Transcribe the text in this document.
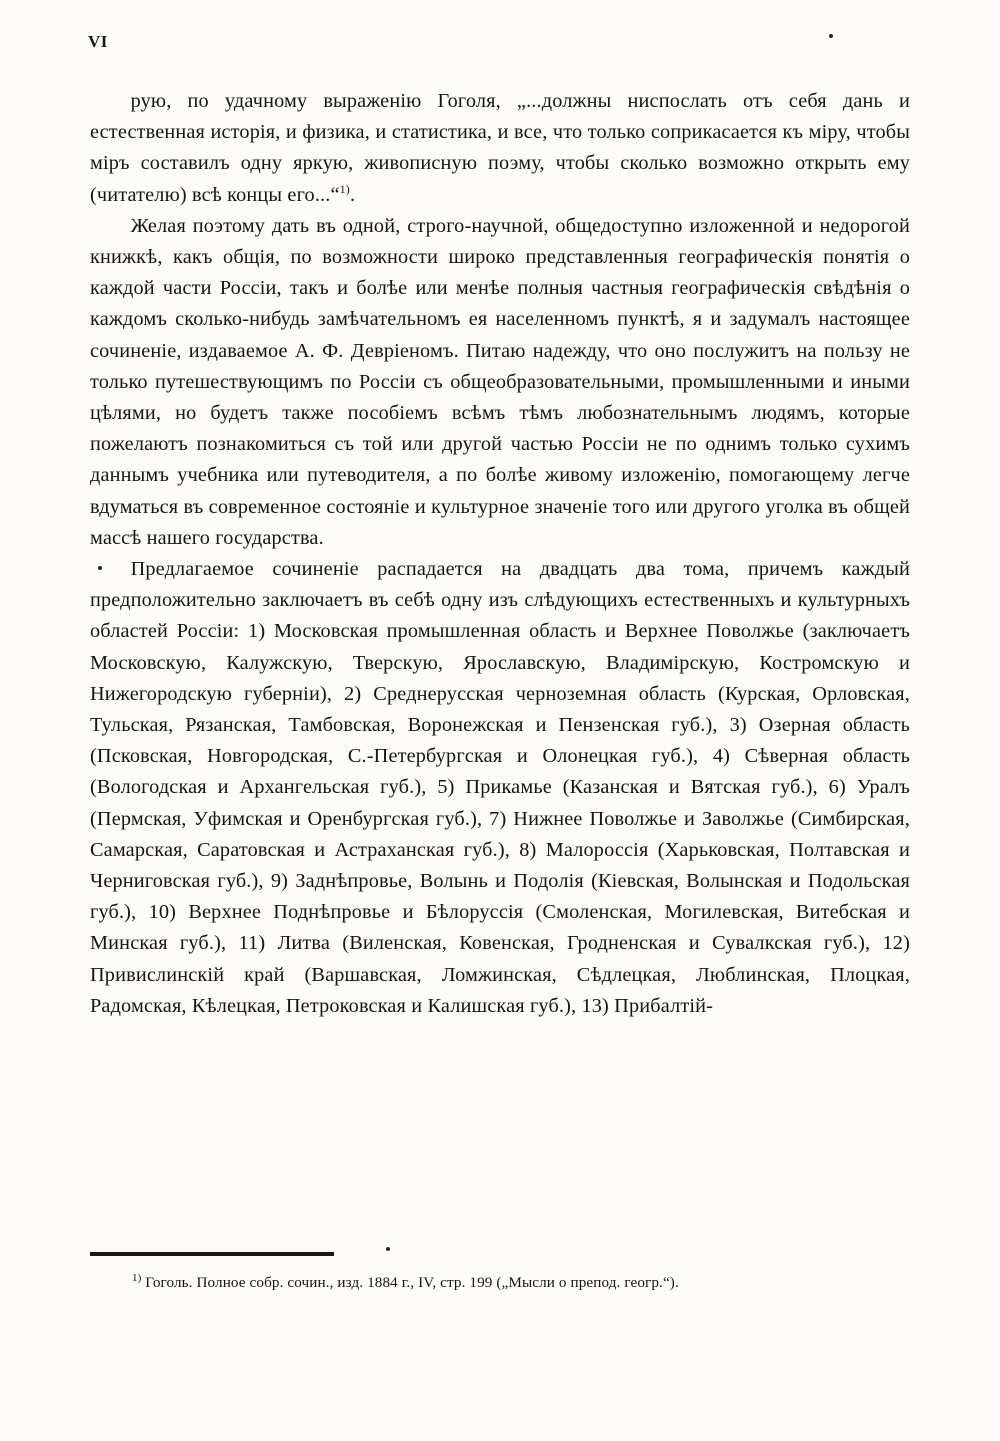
VI

рую, по удачному выраженію Гоголя, „...должны ниспослать отъ себя дань и естественная исторія, и физика, и статистика, и все, что только соприкасается къ міру, чтобы міръ составилъ одну яркую, живописную поэму, чтобы сколько возможно открыть ему (читателю) всѣ концы его...“$^{1)}$.

Желая поэтому дать въ одной, строго-научной, общедоступно изложенной и недорогой книжкѣ, какъ общія, по возможности широко представленныя географическія понятія о каждой части Россіи, такъ и болѣе или менѣе полныя частныя географическія свѣдѣнія о каждомъ сколько-нибудь замѣчательномъ ея населенномъ пунктѣ, я и задумалъ настоящее сочиненіе, издаваемое А. Ф. Девріеномъ. Питаю надежду, что оно послужитъ на пользу не только путешествующимъ по Россіи съ общеобразовательными, промышленными и иными цѣлями, но будетъ также пособіемъ всѣмъ тѣмъ любознательнымъ людямъ, которые пожелаютъ познакомиться съ той или другой частью Россіи не по однимъ только сухимъ даннымъ учебника или путеводителя, а по болѣе живому изложенію, помогающему легче вдуматься въ современное состояніе и культурное значеніе того или другого уголка въ общей массѣ нашего государства.

Предлагаемое сочиненіе распадается на двадцать два тома, причемъ каждый предположительно заключаетъ въ себѣ одну изъ слѣдующихъ естественныхъ и культурныхъ областей Россіи: 1) Московская промышленная область и Верхнее Поволжье (заключаетъ Московскую, Калужскую, Тверскую, Ярославскую, Владимірскую, Костромскую и Нижегородскую губерніи), 2) Среднерусская черноземная область (Курская, Орловская, Тульская, Рязанская, Тамбовская, Воронежская и Пензенская губ.), 3) Озерная область (Псковская, Новгородская, С.-Петербургская и Олонецкая губ.), 4) Сѣверная область (Вологодская и Архангельская губ.), 5) Прикамье (Казанская и Вятская губ.), 6) Уралъ (Пермская, Уфимская и Оренбургская губ.), 7) Нижнее Поволжье и Заволжье (Симбирская, Самарская, Саратовская и Астраханская губ.), 8) Малороссія (Харьковская, Полтавская и Черниговская губ.), 9) Заднѣпровье, Волынь и Подолія (Кіевская, Волынская и Подольская губ.), 10) Верхнее Поднѣпровье и Бѣлоруссія (Смоленская, Могилевская, Витебская и Минская губ.), 11) Литва (Виленская, Ковенская, Гродненская и Сувалкская губ.), 12) Привислинскій край (Варшавская, Ломжинская, Сѣдлецкая, Люблинская, Плоцкая, Радомская, Кѣлецкая, Петроковская и Калишская губ.), 13) Прибалтій-

$^{1)}$ Гоголь. Полное собр. сочин., изд. 1884 г., IV, стр. 199 („Мысли о препод. геогр.“).
